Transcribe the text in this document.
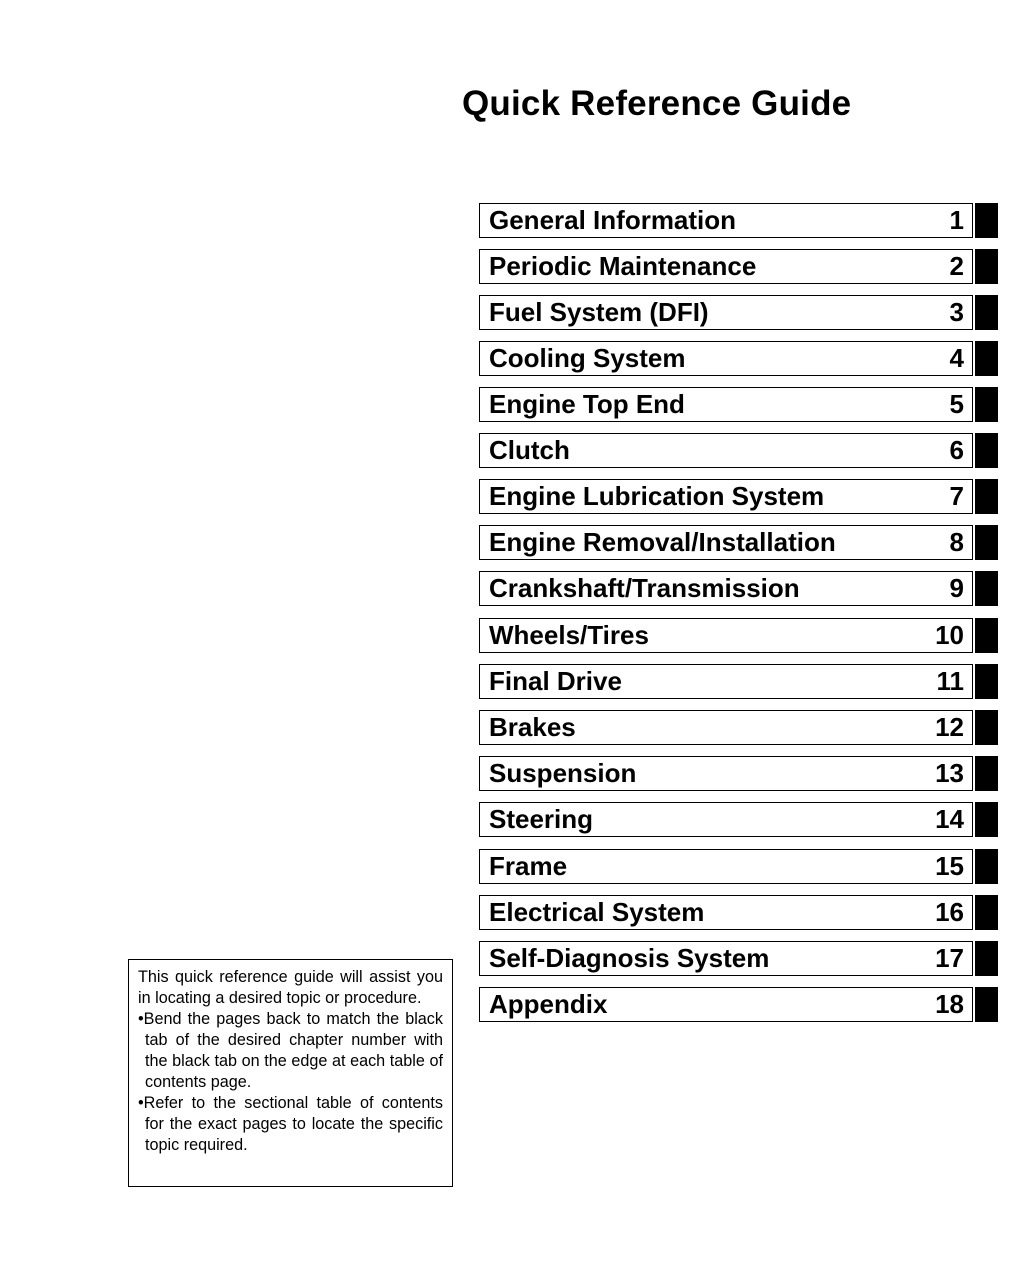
Quick Reference Guide
General Information	1
Periodic Maintenance	2
Fuel System (DFI)	3
Cooling System	4
Engine Top End	5
Clutch	6
Engine Lubrication System	7
Engine Removal/Installation	8
Crankshaft/Transmission	9
Wheels/Tires	10
Final Drive	11
Brakes	12
Suspension	13
Steering	14
Frame	15
Electrical System	16
Self-Diagnosis System	17
Appendix	18

This quick reference guide will assist you in locating a desired topic or procedure.

•Bend the pages back to match the black tab of the desired chapter number with the black tab on the edge at each table of contents page.

•Refer to the sectional table of contents for the exact pages to locate the specific topic required.
